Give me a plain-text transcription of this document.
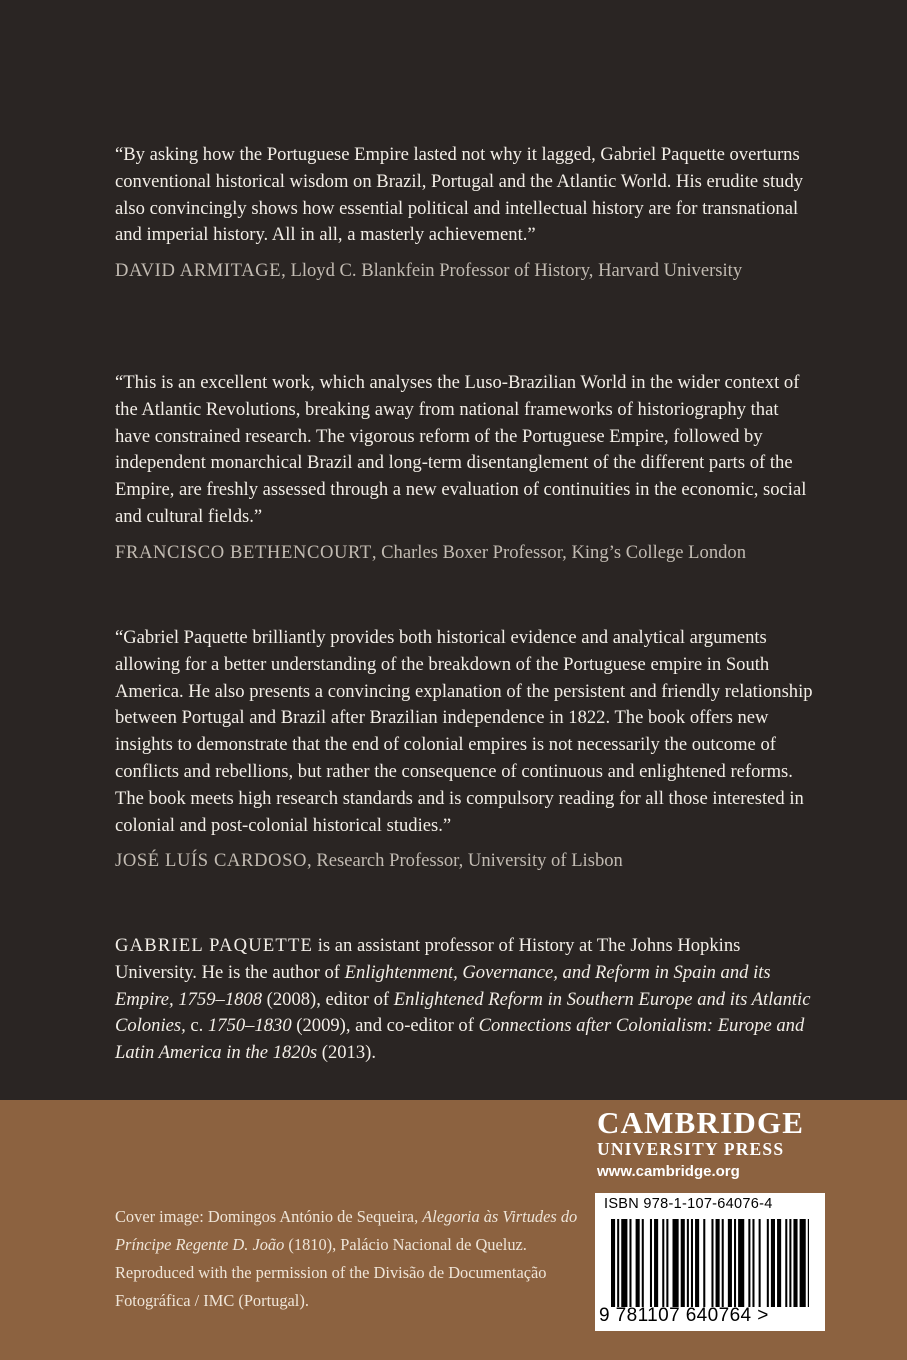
“By asking how the Portuguese Empire lasted not why it lagged, Gabriel Paquette overturns conventional historical wisdom on Brazil, Portugal and the Atlantic World. His erudite study also convincingly shows how essential political and intellectual history are for transnational and imperial history. All in all, a masterly achievement.”

DAVID ARMITAGE, Lloyd C. Blankfein Professor of History, Harvard University

“This is an excellent work, which analyses the Luso-Brazilian World in the wider context of the Atlantic Revolutions, breaking away from national frameworks of historiography that have constrained research. The vigorous reform of the Portuguese Empire, followed by independent monarchical Brazil and long-term disentanglement of the different parts of the Empire, are freshly assessed through a new evaluation of continuities in the economic, social and cultural fields.”

FRANCISCO BETHENCOURT, Charles Boxer Professor, King’s College London

“Gabriel Paquette brilliantly provides both historical evidence and analytical arguments allowing for a better understanding of the breakdown of the Portuguese empire in South America. He also presents a convincing explanation of the persistent and friendly relationship between Portugal and Brazil after Brazilian independence in 1822. The book offers new insights to demonstrate that the end of colonial empires is not necessarily the outcome of conflicts and rebellions, but rather the consequence of continuous and enlightened reforms. The book meets high research standards and is compulsory reading for all those interested in colonial and post-colonial historical studies.”

JOSÉ LUÍS CARDOSO, Research Professor, University of Lisbon

GABRIEL PAQUETTE is an assistant professor of History at The Johns Hopkins University. He is the author of Enlightenment, Governance, and Reform in Spain and its Empire, 1759–1808 (2008), editor of Enlightened Reform in Southern Europe and its Atlantic Colonies, c. 1750–1830 (2009), and co-editor of Connections after Colonialism: Europe and Latin America in the 1820s (2013).

Cover image: Domingos António de Sequeira, Alegoria às Virtudes do Príncipe Regente D. João (1810), Palácio Nacional de Queluz. Reproduced with the permission of the Divisão de Documentação Fotográfica / IMC (Portugal).

CAMBRIDGE

UNIVERSITY PRESS

www.cambridge.org

ISBN 978-1-107-64076-4
9 781107 640764 >
